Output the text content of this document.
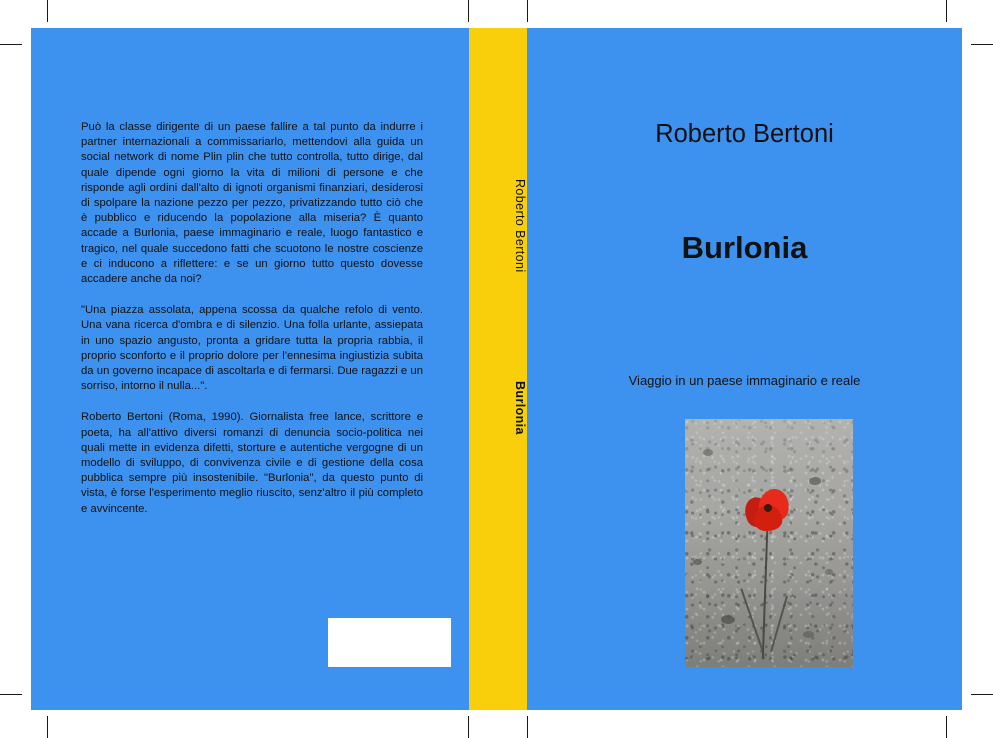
Può la classe dirigente di un paese fallire a tal punto da indurre i partner internazionali a commissariarlo, mettendovi alla guida un social network di nome Plin plin che tutto controlla, tutto dirige, dal quale dipende ogni giorno la vita di milioni di persone e che risponde agli ordini dall'alto di ignoti organismi finanziari, desiderosi di spolpare la nazione pezzo per pezzo, privatizzando tutto ciò che è pubblico e riducendo la popolazione alla miseria? È quanto accade a Burlonia, paese immaginario e reale, luogo fantastico e tragico, nel quale succedono fatti che scuotono le nostre coscienze e ci inducono a riflettere: e se un giorno tutto questo dovesse accadere anche da noi?

"Una piazza assolata, appena scossa da qualche refolo di vento. Una vana ricerca d'ombra e di silenzio. Una folla urlante, assiepata in uno spazio angusto, pronta a gridare tutta la propria rabbia, il proprio sconforto e il proprio dolore per l'ennesima ingiustizia subita da un governo incapace di ascoltarla e di fermarsi. Due ragazzi e un sorriso, intorno il nulla...".

Roberto Bertoni (Roma, 1990). Giornalista free lance, scrittore e poeta, ha all'attivo diversi romanzi di denuncia socio-politica nei quali mette in evidenza difetti, storture e autentiche vergogne di un modello di sviluppo, di convivenza civile e di gestione della cosa pubblica sempre più insostenibile. "Burlonia", da questo punto di vista, è forse l'esperimento meglio riuscito, senz'altro il più completo e avvincente.

Roberto Bertoni
Burlonia
Roberto Bertoni
Burlonia
Viaggio in un paese immaginario e reale
